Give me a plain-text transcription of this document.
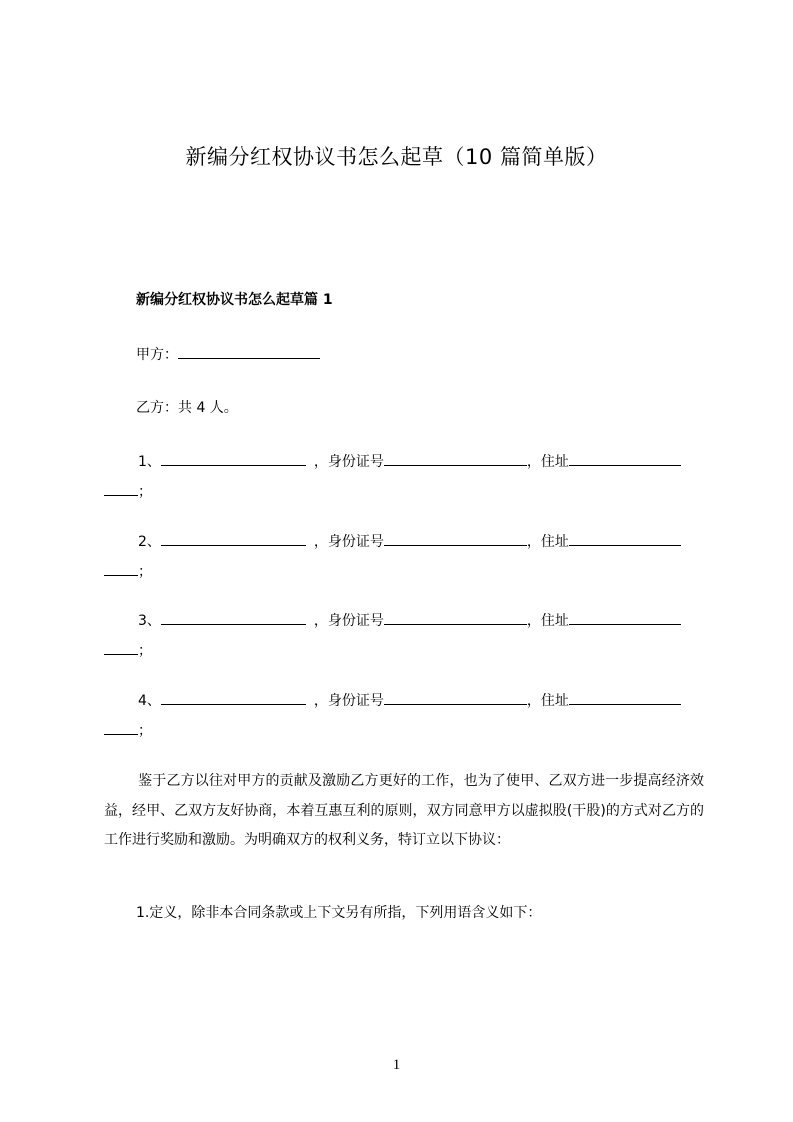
新编分红权协议书怎么起草（10 篇简单版）
新编分红权协议书怎么起草篇 1
甲方：
乙方：共 4 人。
1、	，身份证号	，住址
；
2、	，身份证号	，住址
；
3、	，身份证号	，住址
；
4、	，身份证号	，住址
；
鉴于乙方以往对甲方的贡献及激励乙方更好的工作，也为了使甲、乙双方进一步提高经济效益，经甲、乙双方友好协商，本着互惠互利的原则，双方同意甲方以虚拟股(干股)的方式对乙方的工作进行奖励和激励。为明确双方的权利义务，特订立以下协议：
1.定义，除非本合同条款或上下文另有所指，下列用语含义如下：
1
